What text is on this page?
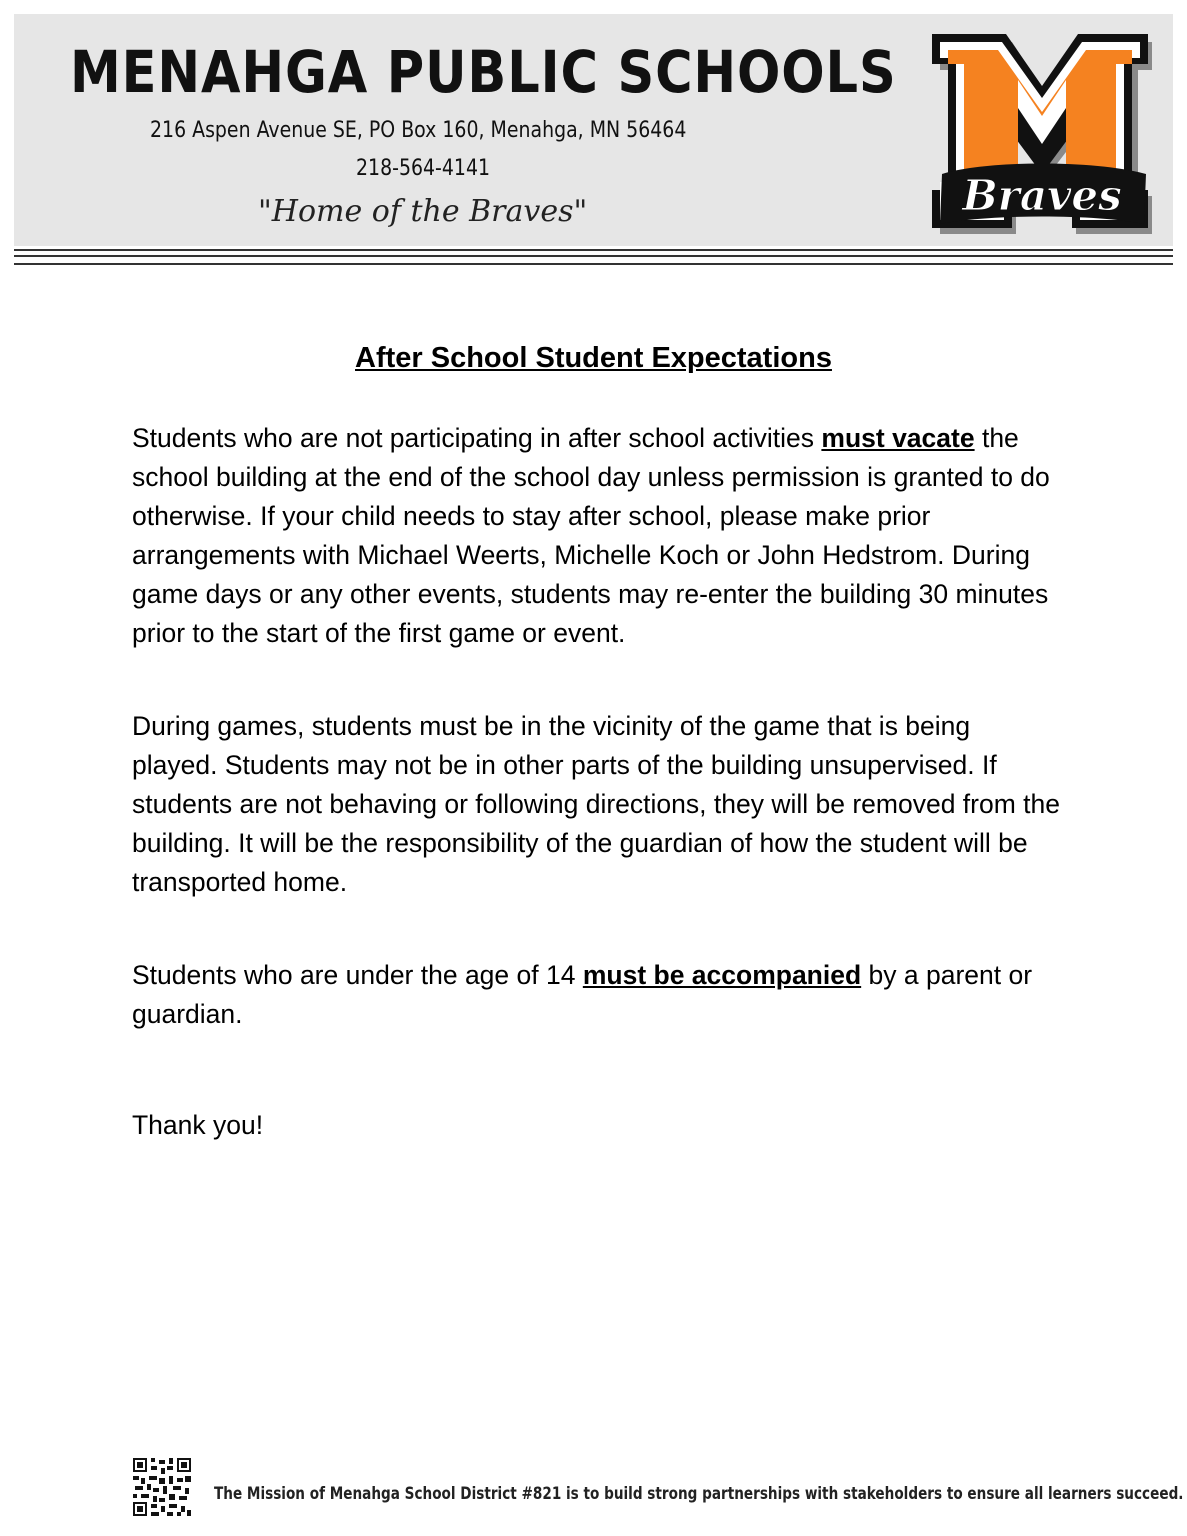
MENAHGA PUBLIC SCHOOLS
216 Aspen Avenue SE, PO Box 160, Menahga, MN 56464
218-564-4141
"Home of the Braves"	Braves
After School Student Expectations
Students who are not participating in after school activities must vacate the school building at the end of the school day unless permission is granted to do otherwise. If your child needs to stay after school, please make prior arrangements with Michael Weerts, Michelle Koch or John Hedstrom. During game days or any other events, students may re-enter the building 30 minutes prior to the start of the first game or event.
During games, students must be in the vicinity of the game that is being played. Students may not be in other parts of the building unsupervised. If students are not behaving or following directions, they will be removed from the building. It will be the responsibility of the guardian of how the student will be transported home.
Students who are under the age of 14 must be accompanied by a parent or guardian.
Thank you!
The Mission of Menahga School District #821 is to build strong partnerships with stakeholders to ensure all learners succeed.
